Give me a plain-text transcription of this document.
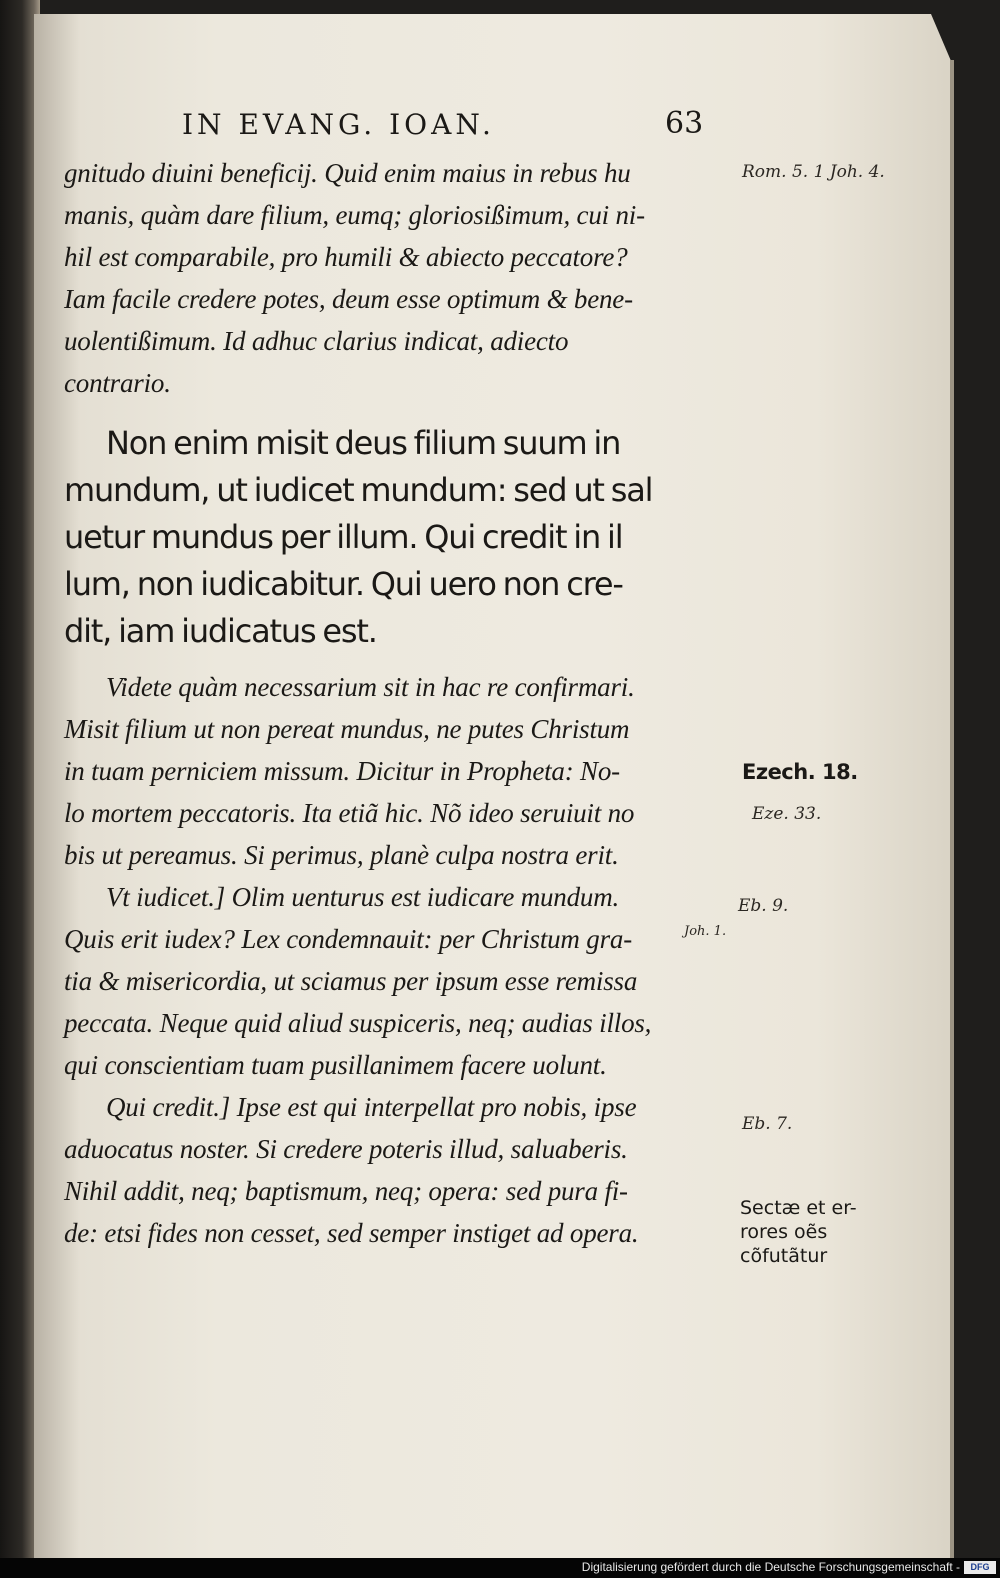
IN EVANG. IOAN.	63
gnitudo diuini beneficij. Quid enim maius in rebus hu
manis, quàm dare filium, eumq; gloriosißimum, cui ni-
hil est comparabile, pro humili & abiecto peccatore?
Iam facile credere potes, deum esse optimum & bene-
uolentißimum. Id adhuc clarius indicat, adiecto
contrario.
Non enim misit deus filium suum in
mundum, ut iudicet mundum: sed ut sal
uetur mundus per illum. Qui credit in il
lum, non iudicabitur. Qui uero non cre-
dit, iam iudicatus est.
Videte quàm necessarium sit in hac re confirmari.
Misit filium ut non pereat mundus, ne putes Christum
in tuam perniciem missum. Dicitur in Propheta: No-
lo mortem peccatoris. Ita etiã hic. Nõ ideo seruiuit no
bis ut pereamus. Si perimus, planè culpa nostra erit.
Vt iudicet.] Olim uenturus est iudicare mundum.
Quis erit iudex? Lex condemnauit: per Christum gra-
tia & misericordia, ut sciamus per ipsum esse remissa
peccata. Neque quid aliud suspiceris, neq; audias illos,
qui conscientiam tuam pusillanimem facere uolunt.
Qui credit.] Ipse est qui interpellat pro nobis, ipse
aduocatus noster. Si credere poteris illud, saluaberis.
Nihil addit, neq; baptismum, neq; opera: sed pura fi-
de: etsi fides non cesset, sed semper instiget ad opera.
Rom. 5. 1 Joh. 4.
Ezech. 18.
Eze. 33.
Joh. 1.
Eb. 9.
Eb. 7.
Sectæ et er-
rores oẽs
cõfutãtur
Digitalisierung gefördert durch die Deutsche Forschungsgemeinschaft -	DFG
